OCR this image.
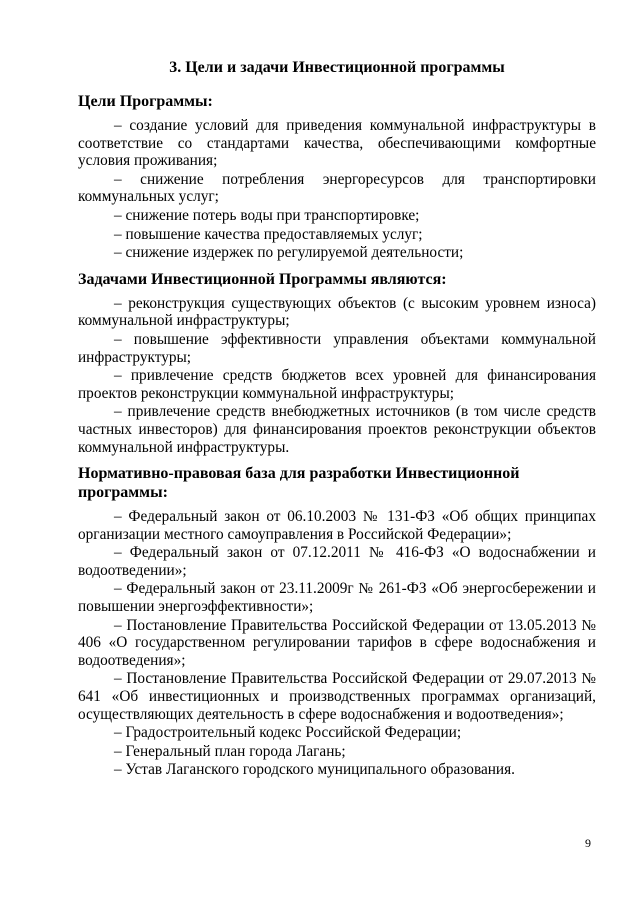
3. Цели и задачи Инвестиционной программы
Цели Программы:

– создание условий для приведения коммунальной инфраструктуры в соответствие со стандартами качества, обеспечивающими комфортные условия проживания;

– снижение потребления энергоресурсов для транспортировки коммунальных услуг;

– снижение потерь воды при транспортировке;

– повышение качества предоставляемых услуг;

– снижение издержек по регулируемой деятельности;

Задачами Инвестиционной Программы являются:

– реконструкция существующих объектов (с высоким уровнем износа) коммунальной инфраструктуры;

– повышение эффективности управления объектами коммунальной инфраструктуры;

– привлечение средств бюджетов всех уровней для финансирования проектов реконструкции коммунальной инфраструктуры;

– привлечение средств внебюджетных источников (в том числе средств частных инвесторов) для финансирования проектов реконструкции объектов коммунальной инфраструктуры.

Нормативно-правовая база для разработки Инвестиционной программы:

– Федеральный закон от 06.10.2003 № 131-ФЗ «Об общих принципах организации местного самоуправления в Российской Федерации»;

– Федеральный закон от 07.12.2011 № 416-ФЗ «О водоснабжении и водоотведении»;

– Федеральный закон от 23.11.2009г № 261-ФЗ «Об энергосбережении и повышении энергоэффективности»;

– Постановление Правительства Российской Федерации от 13.05.2013 № 406 «О государственном регулировании тарифов в сфере водоснабжения и водоотведения»;

– Постановление Правительства Российской Федерации от 29.07.2013 № 641 «Об инвестиционных и производственных программах организаций, осуществляющих деятельность в сфере водоснабжения и водоотведения»;

– Градостроительный кодекс Российской Федерации;

– Генеральный план города Лагань;

– Устав Лаганского городского муниципального образования.

9
